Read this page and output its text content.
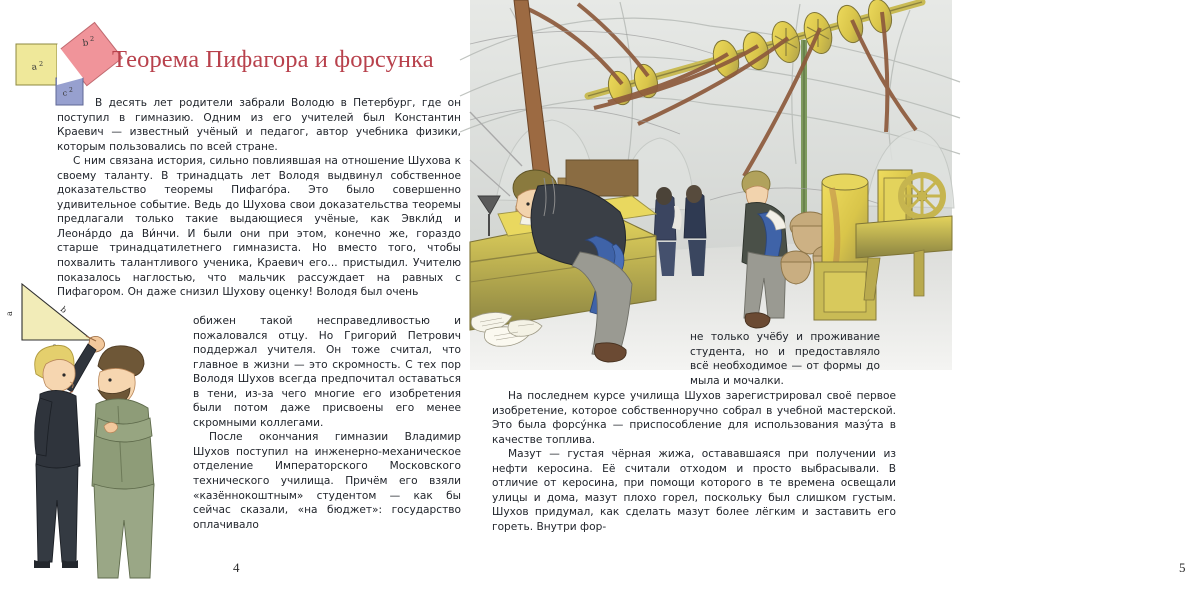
a 2
b 2
c 2
Теорема Пифагора и форсунка

В десять лет родители забрали Володю в Петербург, где он поступил в гимназию. Одним из его учителей был Константин Краевич — известный учёный и педагог, автор учебника физики, которым пользовались по всей стране.

С ним связана история, сильно повлиявшая на отношение Шухова к своему таланту. В тринадцать лет Володя выдвинул собственное доказательство теоремы Пифаго́ра. Это было совершенно удивительное событие. Ведь до Шухова свои доказательства теоремы предлагали только такие выдающиеся учёные, как Эвкли́д и Леона́рдо да Ви́нчи. И были они при этом, конечно же, гораздо старше тринадцатилетнего гимназиста. Но вместо того, чтобы похвалить талантливого ученика, Краевич его... пристыдил. Учителю показалось наглостью, что мальчик рассуждает на равных с Пифагором. Он даже снизил Шухову оценку! Володя был очень

a	b

обижен такой несправедливостью и пожаловался отцу. Но Григорий Петрович поддержал учителя. Он тоже считал, что главное в жизни — это скромность. С тех пор Володя Шухов всегда предпочитал оставаться в тени, из-за чего многие его изобретения были потом даже присвоены его менее скромными коллегами.

После окончания гимназии Владимир Шухов поступил на инженерно-механическое отделение Императорского Московского технического училища. Причём его взяли «казённокоштным» студентом — как бы сейчас сказали, «на бюджет»: государство оплачивало

4

не только учёбу и проживание студента, но и предоставляло всё необходимое — от формы до мыла и мочалки.

На последнем курсе училища Шухов зарегистрировал своё первое изобретение, которое собственноручно собрал в учебной мастерской. Это была форсу́нка — приспособление для использования мазу́та в качестве топлива.

Мазут — густая чёрная жижа, остававшаяся при получении из нефти керосина. Её считали отходом и просто выбрасывали. В отличие от керосина, при помощи которого в те времена освещали улицы и дома, мазут плохо горел, поскольку был слишком густым. Шухов придумал, как сделать мазут более лёгким и заставить его гореть. Внутри фор-

5
